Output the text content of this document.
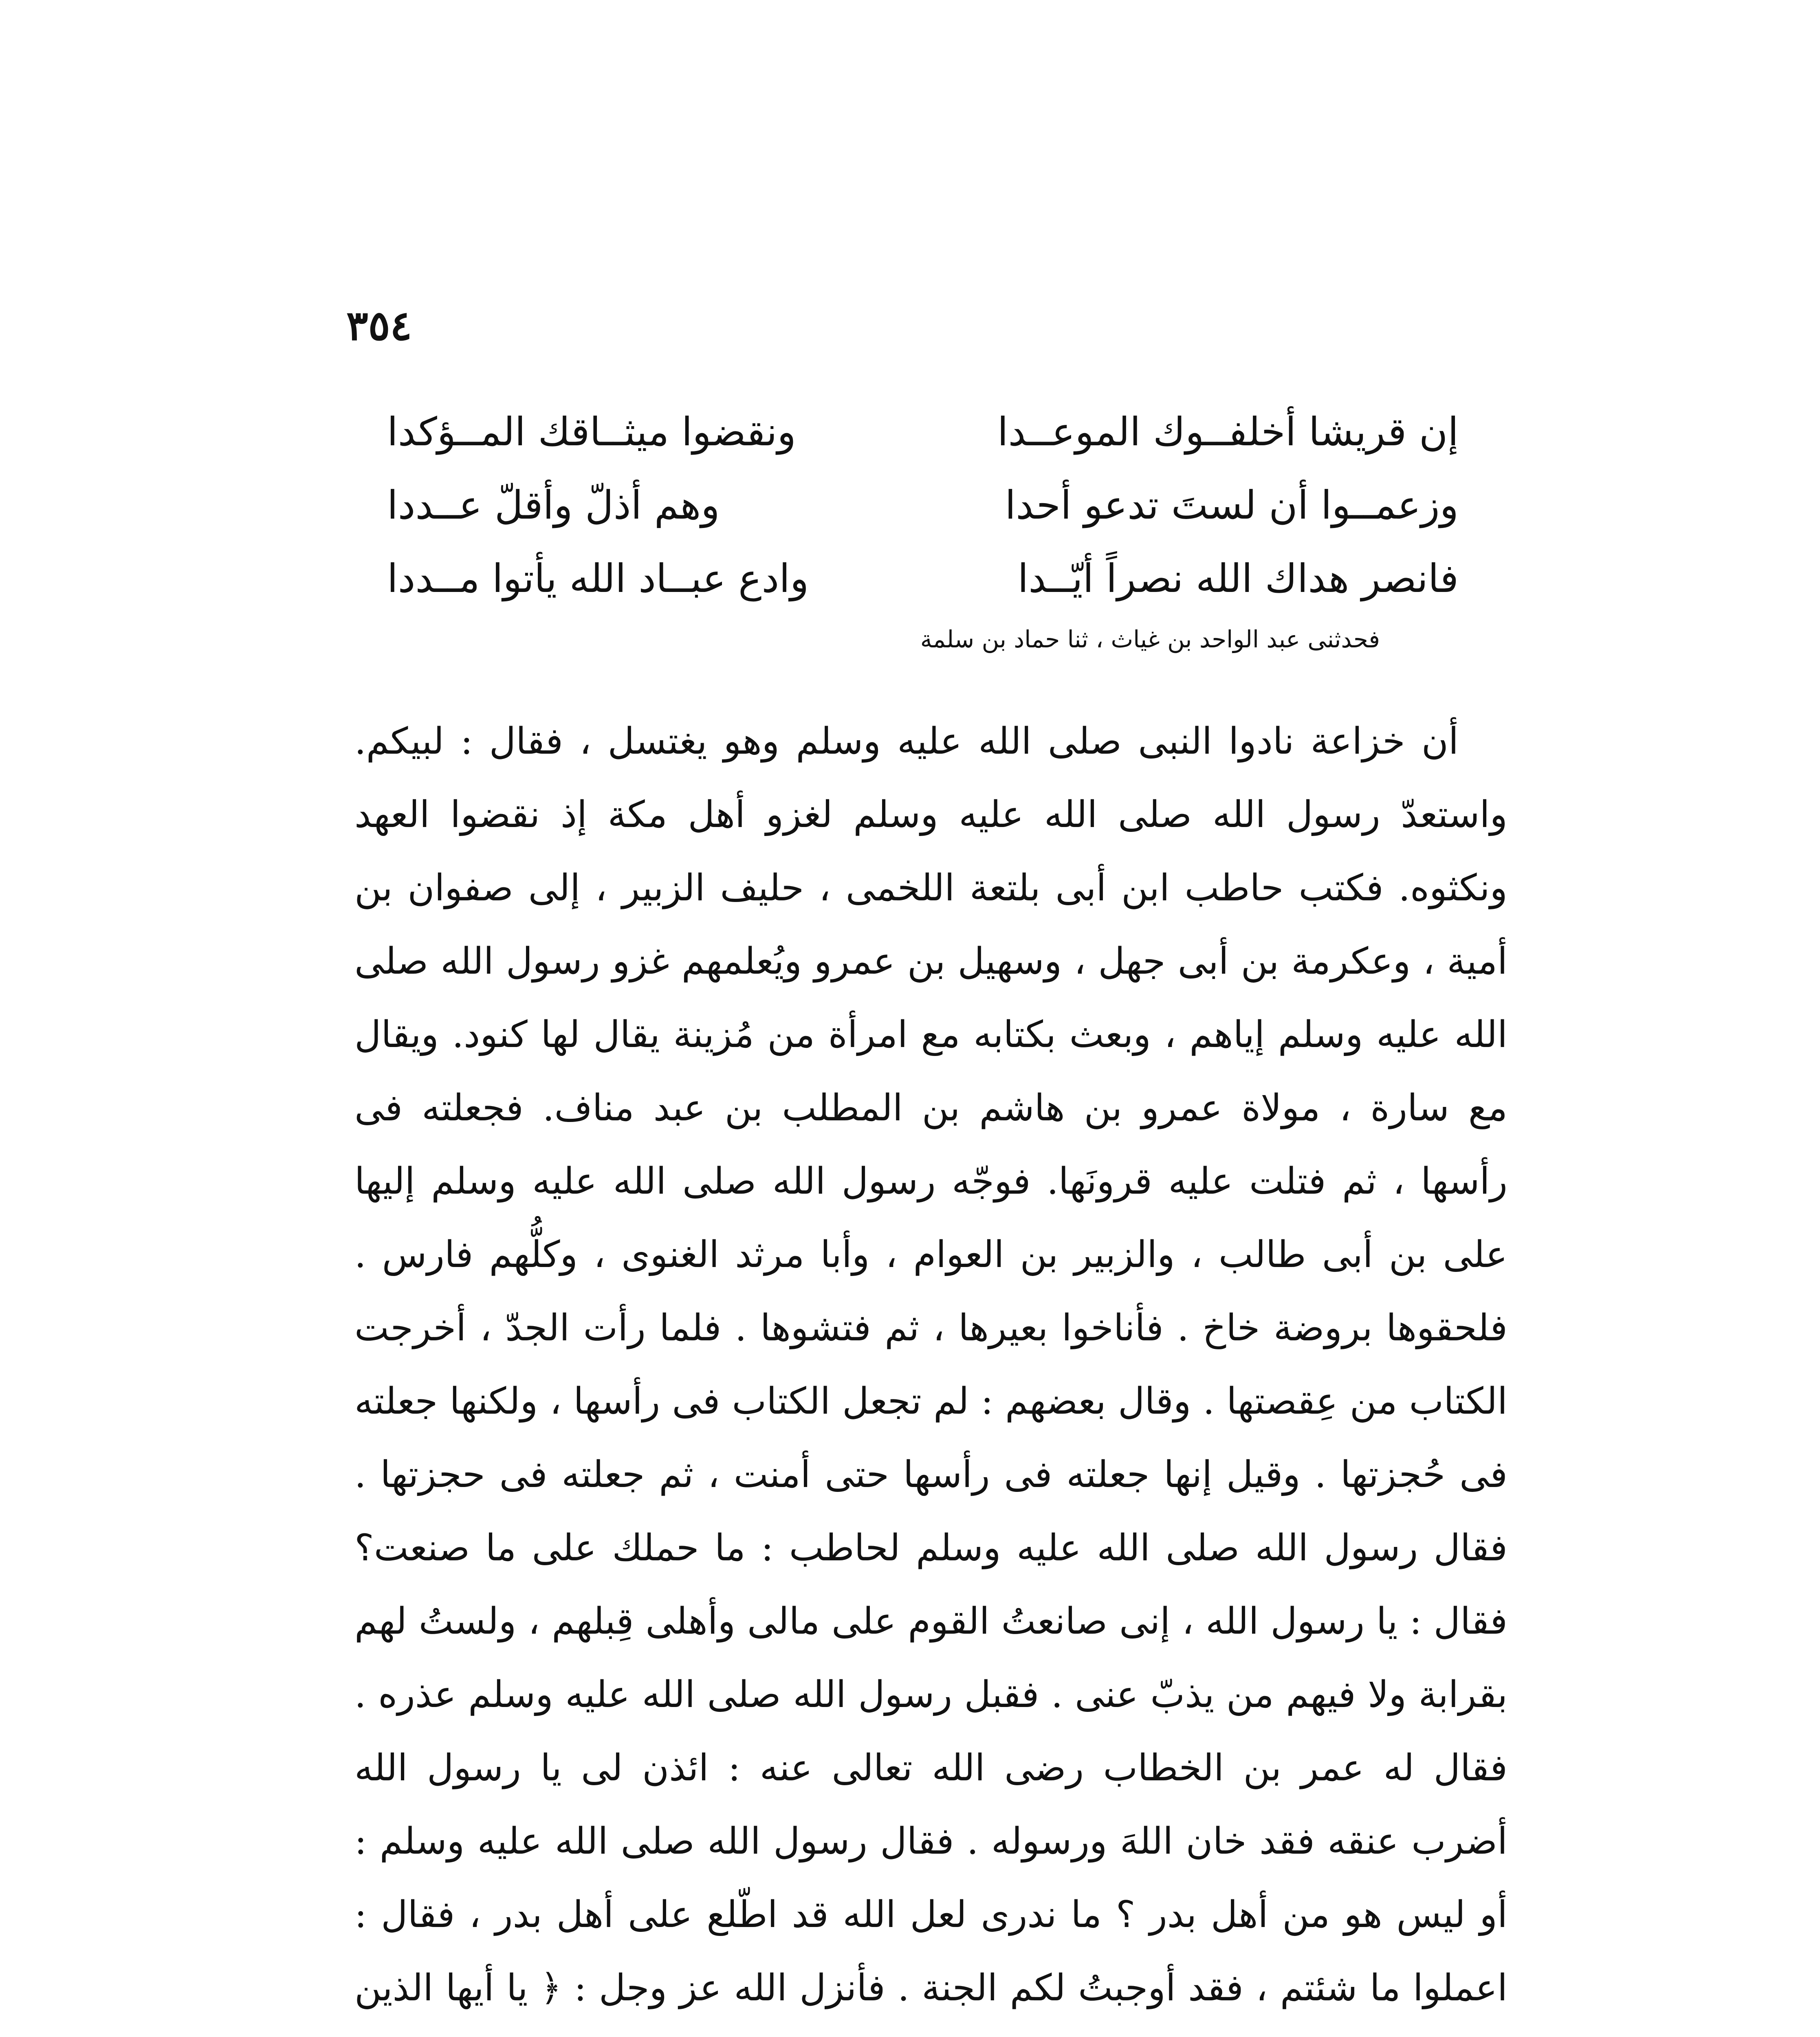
٣٥٤
إن قريشا أخلفــوك الموعــدا
ونقضوا ميثــاقك المــؤكدا
وزعمــوا أن لستَ تدعو أحدا
وهم أذلّ وأقلّ عــددا
فانصر هداك الله نصراً أيّــدا
وادع عبــاد الله يأتوا مــددا
فحدثنى عبد الواحد بن غياث ، ثنا حماد بن سلمة

أن خزاعة نادوا النبى صلى الله عليه وسلم وهو يغتسل ، فقال : لبيكم. واستعدّ رسول الله صلى الله عليه وسلم لغزو أهل مكة إذ نقضوا العهد ونكثوه. فكتب حاطب ابن أبى بلتعة اللخمى ، حليف الزبير ، إلى صفوان بن أمية ، وعكرمة بن أبى جهل ، وسهيل بن عمرو ويُعلمهم غزو رسول الله صلى الله عليه وسلم إياهم ، وبعث بكتابه مع امرأة من مُزينة يقال لها كنود. ويقال مع سارة ، مولاة عمرو بن هاشم بن المطلب بن عبد مناف. فجعلته فى رأسها ، ثم فتلت عليه قرونَها. فوجّه رسول الله صلى الله عليه وسلم إليها على بن أبى طالب ، والزبير بن العوام ، وأبا مرثد الغنوى ، وكلُّهم فارس . فلحقوها بروضة خاخ . فأناخوا بعيرها ، ثم فتشوها . فلما رأت الجدّ ، أخرجت الكتاب من عِقصتها . وقال بعضهم : لم تجعل الكتاب فى رأسها ، ولكنها جعلته فى حُجزتها . وقيل إنها جعلته فى رأسها حتى أمنت ، ثم جعلته فى حجزتها . فقال رسول الله صلى الله عليه وسلم لحاطب : ما حملك على ما صنعت؟ فقال : يا رسول الله ، إنى صانعتُ القوم على مالى وأهلى قِبلهم ، ولستُ لهم بقرابة ولا فيهم من يذبّ عنى . فقبل رسول الله صلى الله عليه وسلم عذره . فقال له عمر بن الخطاب رضى الله تعالى عنه : ائذن لى يا رسول الله أضرب عنقه فقد خان اللهَ ورسوله . فقال رسول الله صلى الله عليه وسلم : أو ليس هو من أهل بدر ؟ ما ندرى لعل الله قد اطّلع على أهل بدر ، فقال : اعملوا ما شئتم ، فقد أوجبتُ لكم الجنة . فأنزل الله عز وجل : ﴿ يا أيها الذين
